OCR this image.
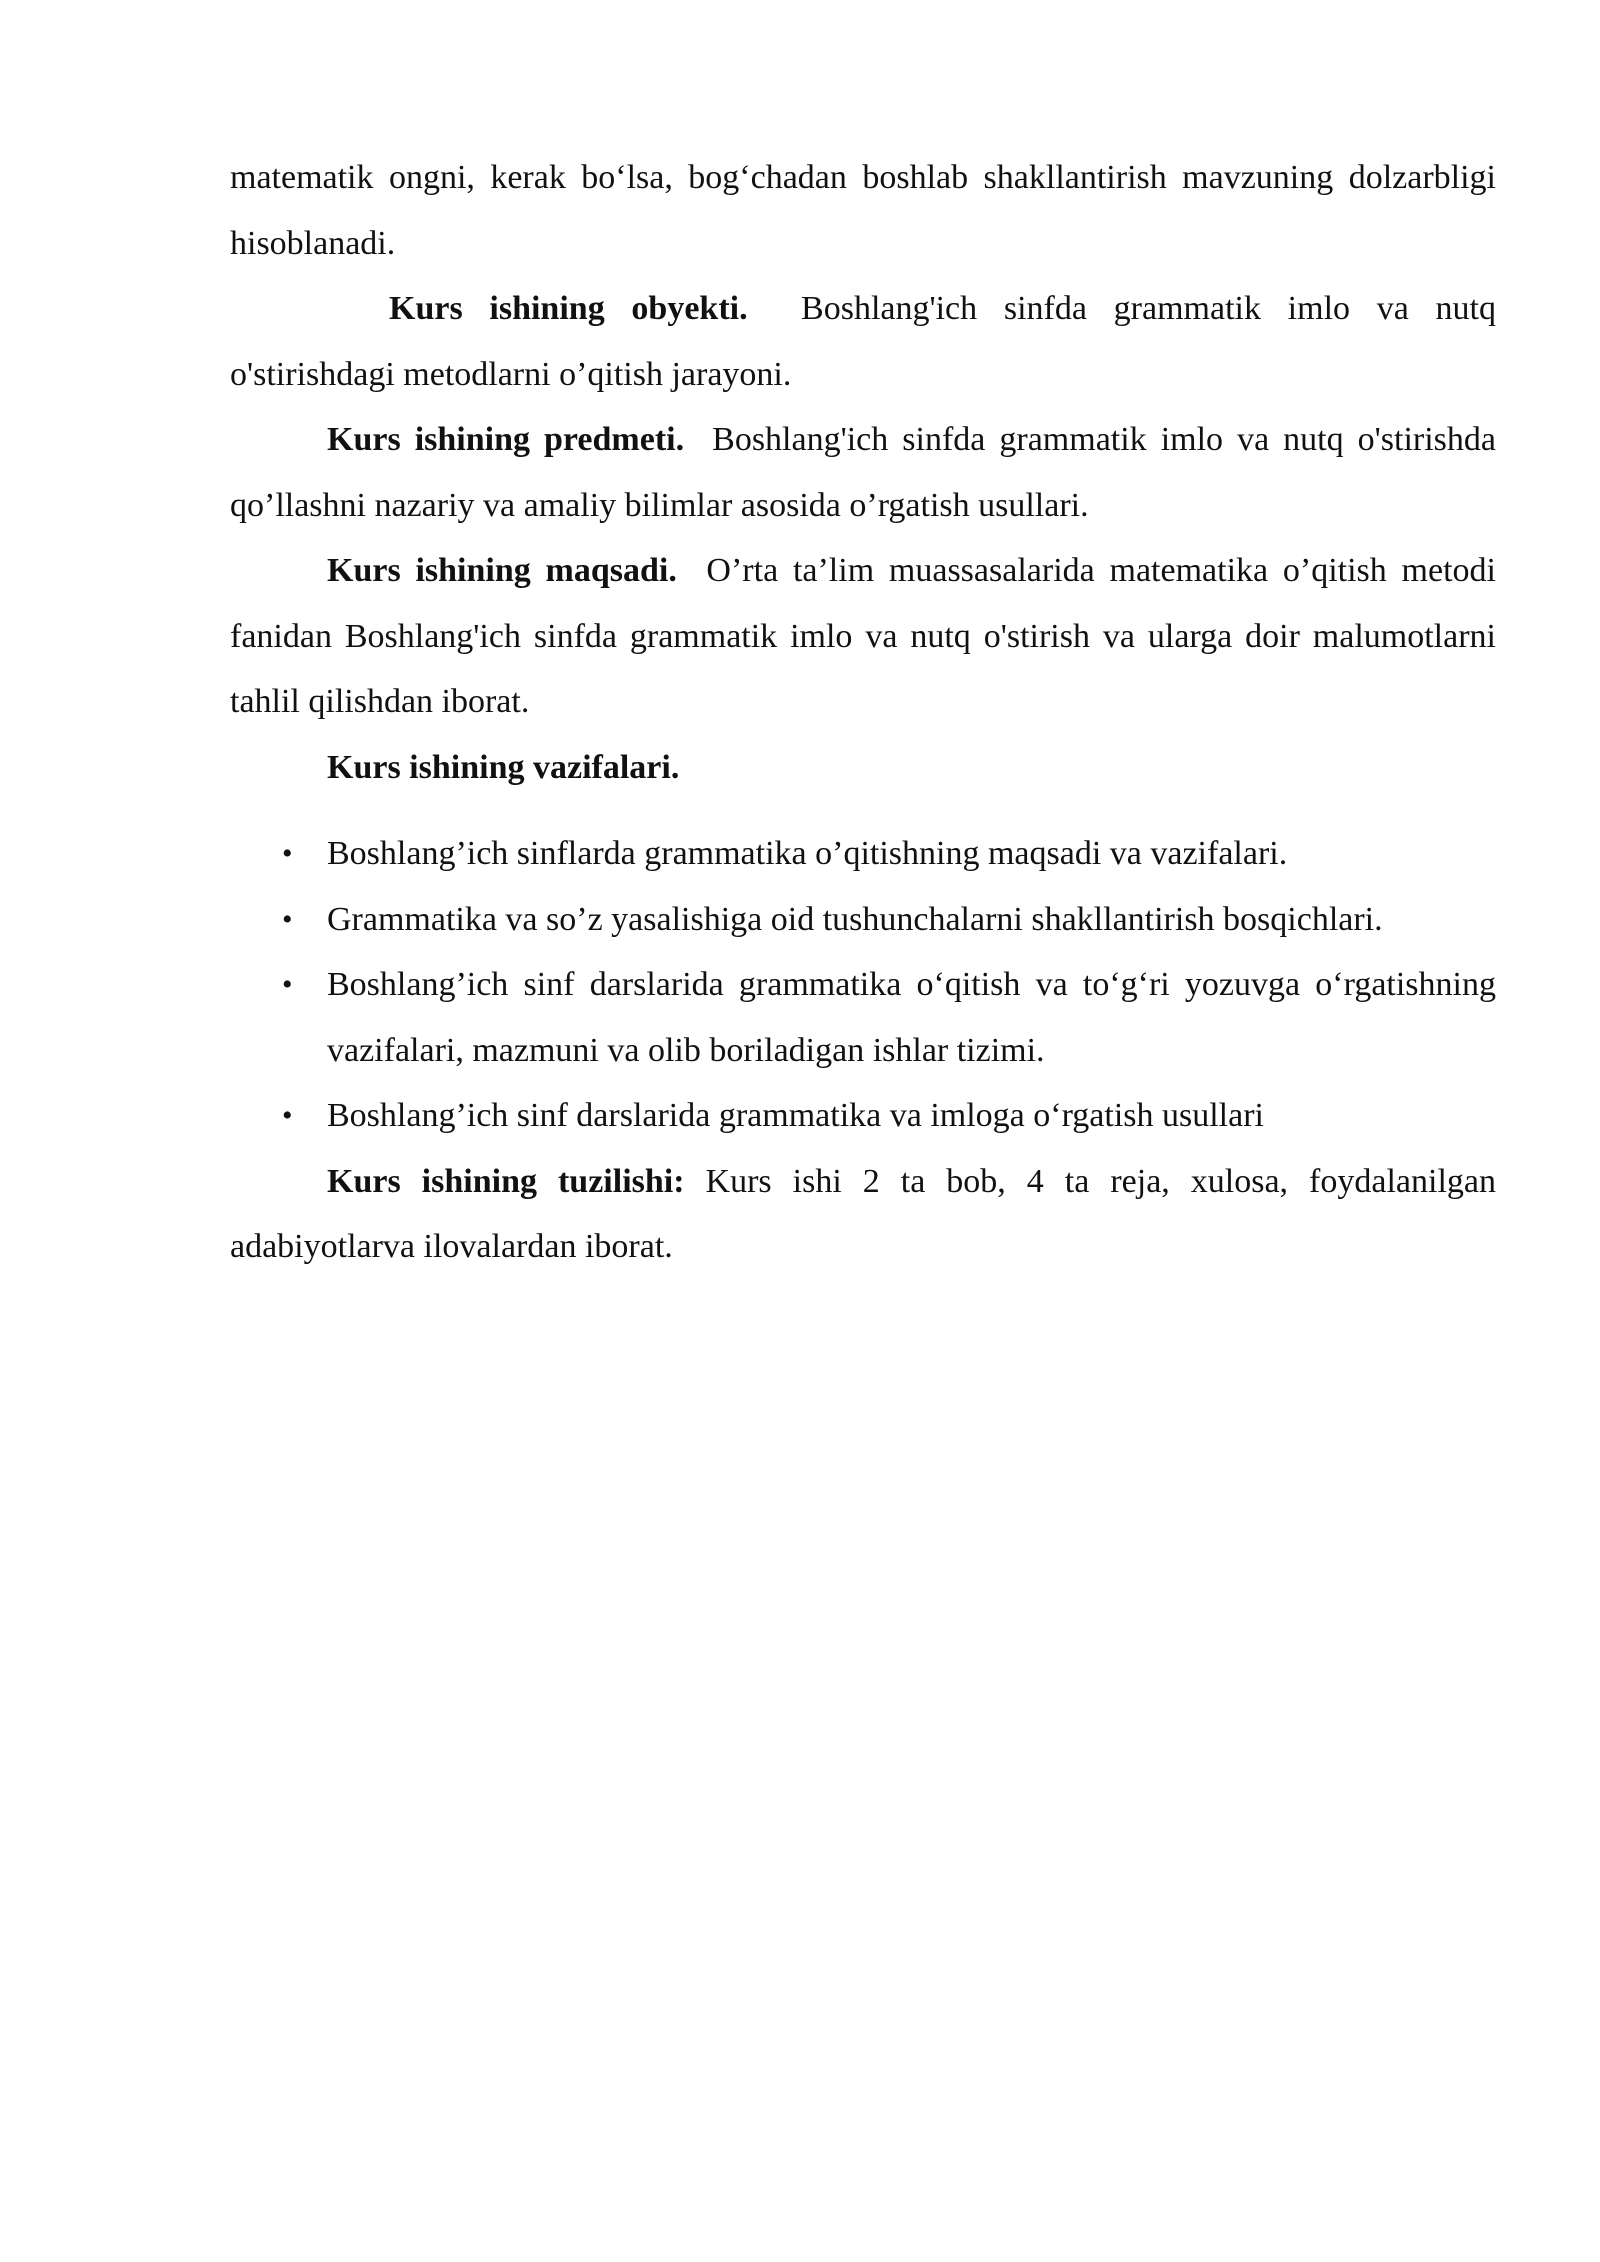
matematik ongni, kerak bo‘lsa, bog‘chadan boshlab shakllantirish mavzuning dolzarbligi hisoblanadi.

Kurs ishining obyekti. Boshlang'ich sinfda grammatik imlo va nutq o'stirishdagi metodlarni o’qitish jarayoni.

Kurs ishining predmeti. Boshlang'ich sinfda grammatik imlo va nutq o'stirishda qo’llashni nazariy va amaliy bilimlar asosida o’rgatish usullari.

Kurs ishining maqsadi. O’rta ta’lim muassasalarida matematika o’qitish metodi fanidan Boshlang'ich sinfda grammatik imlo va nutq o'stirish va ularga doir malumotlarni tahlil qilishdan iborat.

Kurs ishining vazifalari.

• Boshlang’ich sinflarda grammatika o’qitishning maqsadi va vazifalari.
• Grammatika va so’z yasalishiga oid tushunchalarni shakllantirish bosqichlari.
• Boshlang’ich sinf darslarida grammatika o‘qitish va to‘g‘ri yozuvga o‘rgatishning vazifalari, mazmuni va olib boriladigan ishlar tizimi.
• Boshlang’ich sinf darslarida grammatika va imloga o‘rgatish usullari

Kurs ishining tuzilishi: Kurs ishi 2 ta bob, 4 ta reja, xulosa, foydalanilgan adabiyotlarva ilovalardan iborat.
